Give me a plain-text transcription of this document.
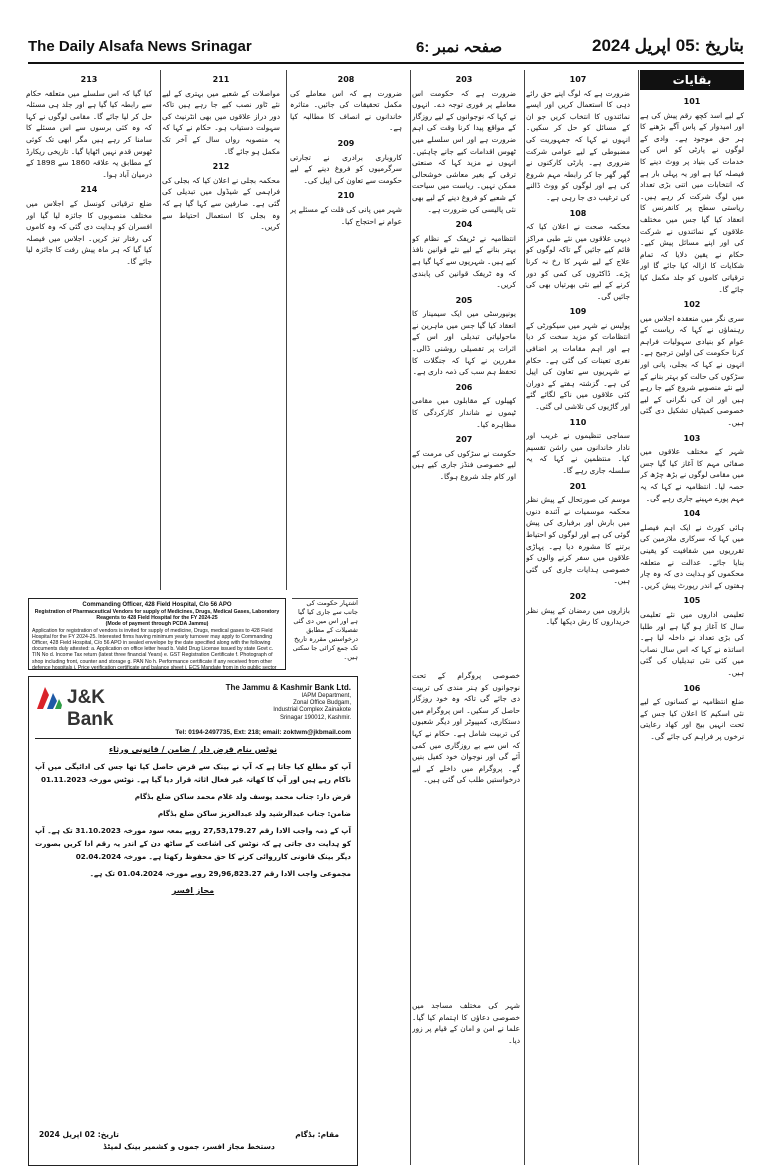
The Daily Alsafa News Srinagar	صفحہ نمبر :6	بتاریخ :05 اپریل 2024
بقایات
101

کے لیے اسد کچھ رقم پیش کی ہے اور امیدوار کے پاس آگے بڑھنے کا ہر حق موجود ہے۔ وادی کے لوگوں نے پارٹی کو اس کی خدمات کی بنیاد پر ووٹ دینے کا فیصلہ کیا ہے اور یہ پہلی بار ہے کہ انتخابات میں اتنی بڑی تعداد میں لوگ شرکت کر رہے ہیں۔ ریاستی سطح پر کانفرنس کا انعقاد کیا گیا جس میں مختلف علاقوں کے نمائندوں نے شرکت کی اور اپنے مسائل پیش کیے۔ حکام نے یقین دلایا کہ تمام شکایات کا ازالہ کیا جائے گا اور ترقیاتی کاموں کو جلد مکمل کیا جائے گا۔

102

سری نگر میں منعقدہ اجلاس میں رہنماؤں نے کہا کہ ریاست کے عوام کو بنیادی سہولیات فراہم کرنا حکومت کی اولین ترجیح ہے۔ انہوں نے کہا کہ بجلی، پانی اور سڑکوں کی حالت کو بہتر بنانے کے لیے نئے منصوبے شروع کیے جا رہے ہیں اور ان کی نگرانی کے لیے خصوصی کمیٹیاں تشکیل دی گئی ہیں۔

103

شہر کے مختلف علاقوں میں صفائی مہم کا آغاز کیا گیا جس میں مقامی لوگوں نے بڑھ چڑھ کر حصہ لیا۔ انتظامیہ نے کہا کہ یہ مہم پورے مہینے جاری رہے گی۔

104

ہائی کورٹ نے ایک اہم فیصلے میں کہا کہ سرکاری ملازمین کی تقرریوں میں شفافیت کو یقینی بنایا جائے۔ عدالت نے متعلقہ محکموں کو ہدایت دی کہ وہ چار ہفتوں کے اندر رپورٹ پیش کریں۔

105

تعلیمی اداروں میں نئے تعلیمی سال کا آغاز ہو گیا ہے اور طلبا کی بڑی تعداد نے داخلہ لیا ہے۔ اساتذہ نے کہا کہ اس سال نصاب میں کئی نئی تبدیلیاں کی گئی ہیں۔

106

ضلع انتظامیہ نے کسانوں کے لیے نئی اسکیم کا اعلان کیا جس کے تحت انہیں بیج اور کھاد رعایتی نرخوں پر فراہم کی جائے گی۔

107

ضرورت ہے کہ لوگ اپنے حق رائے دہی کا استعمال کریں اور ایسے نمائندوں کا انتخاب کریں جو ان کے مسائل کو حل کر سکیں۔ انہوں نے کہا کہ جمہوریت کی مضبوطی کے لیے عوامی شرکت ضروری ہے۔ پارٹی کارکنوں نے گھر گھر جا کر رابطہ مہم شروع کی ہے اور لوگوں کو ووٹ ڈالنے کی ترغیب دی جا رہی ہے۔

108

محکمہ صحت نے اعلان کیا کہ دیہی علاقوں میں نئے طبی مراکز قائم کیے جائیں گے تاکہ لوگوں کو علاج کے لیے شہر کا رخ نہ کرنا پڑے۔ ڈاکٹروں کی کمی کو دور کرنے کے لیے نئی بھرتیاں بھی کی جائیں گی۔

109

پولیس نے شہر میں سیکورٹی کے انتظامات کو مزید سخت کر دیا ہے اور اہم مقامات پر اضافی نفری تعینات کی گئی ہے۔ حکام نے شہریوں سے تعاون کی اپیل کی ہے۔ گزشتہ ہفتے کے دوران کئی علاقوں میں ناکے لگائے گئے اور گاڑیوں کی تلاشی لی گئی۔

110

سماجی تنظیموں نے غریب اور نادار خاندانوں میں راشن تقسیم کیا۔ منتظمین نے کہا کہ یہ سلسلہ جاری رہے گا۔

201

موسم کی صورتحال کے پیش نظر محکمہ موسمیات نے آئندہ دنوں میں بارش اور برفباری کی پیش گوئی کی ہے اور لوگوں کو احتیاط برتنے کا مشورہ دیا ہے۔ پہاڑی علاقوں میں سفر کرنے والوں کو خصوصی ہدایات جاری کی گئی ہیں۔

202

بازاروں میں رمضان کے پیش نظر خریداروں کا رش دیکھا گیا۔

203

ضرورت ہے کہ حکومت اس معاملے پر فوری توجہ دے۔ انہوں نے کہا کہ نوجوانوں کے لیے روزگار کے مواقع پیدا کرنا وقت کی اہم ضرورت ہے اور اس سلسلے میں ٹھوس اقدامات کیے جانے چاہئیں۔ انہوں نے مزید کہا کہ صنعتی ترقی کے بغیر معاشی خوشحالی ممکن نہیں۔ ریاست میں سیاحت کے شعبے کو فروغ دینے کے لیے بھی نئی پالیسی کی ضرورت ہے۔

204

انتظامیہ نے ٹریفک کے نظام کو بہتر بنانے کے لیے نئے قوانین نافذ کیے ہیں۔ شہریوں سے کہا گیا ہے کہ وہ ٹریفک قوانین کی پابندی کریں۔

205

یونیورسٹی میں ایک سیمینار کا انعقاد کیا گیا جس میں ماہرین نے ماحولیاتی تبدیلی اور اس کے اثرات پر تفصیلی روشنی ڈالی۔ مقررین نے کہا کہ جنگلات کا تحفظ ہم سب کی ذمہ داری ہے۔

206

کھیلوں کے مقابلوں میں مقامی ٹیموں نے شاندار کارکردگی کا مظاہرہ کیا۔

207

حکومت نے سڑکوں کی مرمت کے لیے خصوصی فنڈز جاری کیے ہیں اور کام جلد شروع ہوگا۔

208

ضرورت ہے کہ اس معاملے کی مکمل تحقیقات کی جائیں۔ متاثرہ خاندانوں نے انصاف کا مطالبہ کیا ہے۔

209

کاروباری برادری نے تجارتی سرگرمیوں کو فروغ دینے کے لیے حکومت سے تعاون کی اپیل کی۔

210

شہر میں پانی کی قلت کے مسئلے پر عوام نے احتجاج کیا۔

211

مواصلات کے شعبے میں بہتری کے لیے نئے ٹاور نصب کیے جا رہے ہیں تاکہ دور دراز علاقوں میں بھی انٹرنیٹ کی سہولت دستیاب ہو۔ حکام نے کہا کہ یہ منصوبہ رواں سال کے آخر تک مکمل ہو جائے گا۔

212

محکمہ بجلی نے اعلان کیا کہ بجلی کی فراہمی کے شیڈول میں تبدیلی کی گئی ہے۔ صارفین سے کہا گیا ہے کہ وہ بجلی کا استعمال احتیاط سے کریں۔

213

کیا گیا کہ اس سلسلے میں متعلقہ حکام سے رابطہ کیا گیا ہے اور جلد ہی مسئلہ حل کر لیا جائے گا۔ مقامی لوگوں نے کہا کہ وہ کئی برسوں سے اس مسئلے کا سامنا کر رہے ہیں مگر ابھی تک کوئی ٹھوس قدم نہیں اٹھایا گیا۔ تاریخی ریکارڈ کے مطابق یہ علاقہ 1860 سے 1898 کے درمیان آباد ہوا۔

214

ضلع ترقیاتی کونسل کے اجلاس میں مختلف منصوبوں کا جائزہ لیا گیا اور افسران کو ہدایت دی گئی کہ وہ کاموں کی رفتار تیز کریں۔ اجلاس میں فیصلہ کیا گیا کہ ہر ماہ پیش رفت کا جائزہ لیا جائے گا۔

خصوصی پروگرام کے تحت نوجوانوں کو ہنر مندی کی تربیت دی جائے گی تاکہ وہ خود روزگار حاصل کر سکیں۔ اس پروگرام میں دستکاری، کمپیوٹر اور دیگر شعبوں کی تربیت شامل ہے۔ حکام نے کہا کہ اس سے بے روزگاری میں کمی آئے گی اور نوجوان خود کفیل بنیں گے۔ پروگرام میں داخلے کے لیے درخواستیں طلب کی گئی ہیں۔

شہر کی مختلف مساجد میں خصوصی دعاؤں کا اہتمام کیا گیا۔ علما نے امن و امان کے قیام پر زور دیا۔

Commanding Officer, 428 Field Hospital, C/o 56 APO
Registration of Pharmaceutical Vendors for supply of Medicines, Drugs, Medical Gases, Laboratory Reagents to 428 Field Hospital for the FY 2024-25
(Mode of payment through PCDA Jammu)
Application for registration of vendors is invited for supply of medicine, Drugs, medical gases to 428 Field Hospital for the FY 2024-25. Interested firms having minimum yearly turnover may apply to Commanding Officer, 428 Field Hospital, C/o 56 APO in sealed envelope by the date specified along with the following documents duly attested: a. Application on office letter head b. Valid Drug License issued by state Govt c. TIN No d. Income Tax return (latest three financial Years) e. GST Registration Certificate f. Photograph of shop including front, counter and storage g. PAN No h. Performance certificate if any received from other defence hospitals i. Price verification certificate and balance sheet j. ECS Mandate from in r/o public sector
اشتہار حکومت کی جانب سے جاری کیا گیا ہے اور اس میں دی گئی تفصیلات کے مطابق درخواستیں مقررہ تاریخ تک جمع کرائی جا سکتی ہیں۔
J&K Bank
The Jammu & Kashmir Bank Ltd.
IAPM Department,
Zonal Office Budgam,
Industrial Complex Zainakote
Srinagar 190012, Kashmir.
Tel: 0194-2497735, Ext: 218; email: zoktwm@jkbmail.com

نوٹس بنام قرض دار / ضامن / قانونی ورثاء

آپ کو مطلع کیا جاتا ہے کہ آپ نے بینک سے قرض حاصل کیا تھا جس کی ادائیگی میں آپ ناکام رہے ہیں اور آپ کا کھاتہ غیر فعال اثاثہ قرار دیا گیا ہے۔ نوٹس مورخہ 01.11.2023

قرض دار: جناب محمد یوسف ولد غلام محمد ساکن ضلع بڈگام

ضامن: جناب عبدالرشید ولد عبدالعزیز ساکن ضلع بڈگام

آپ کے ذمہ واجب الادا رقم 27,53,179.27 روپے بمعہ سود مورخہ 31.10.2023 تک ہے۔ آپ کو ہدایت دی جاتی ہے کہ نوٹس کی اشاعت کے ساٹھ دن کے اندر یہ رقم ادا کریں بصورت دیگر بینک قانونی کارروائی کرنے کا حق محفوظ رکھتا ہے۔ مورخہ 02.04.2024

مجموعی واجب الادا رقم 29,96,823.27 روپے مورخہ 01.04.2024 تک ہے۔

مجاز افسر

مقام: بڈگام
تاریخ: 02 اپریل 2024
دستخط مجاز افسر، جموں و کشمیر بینک لمیٹڈ
